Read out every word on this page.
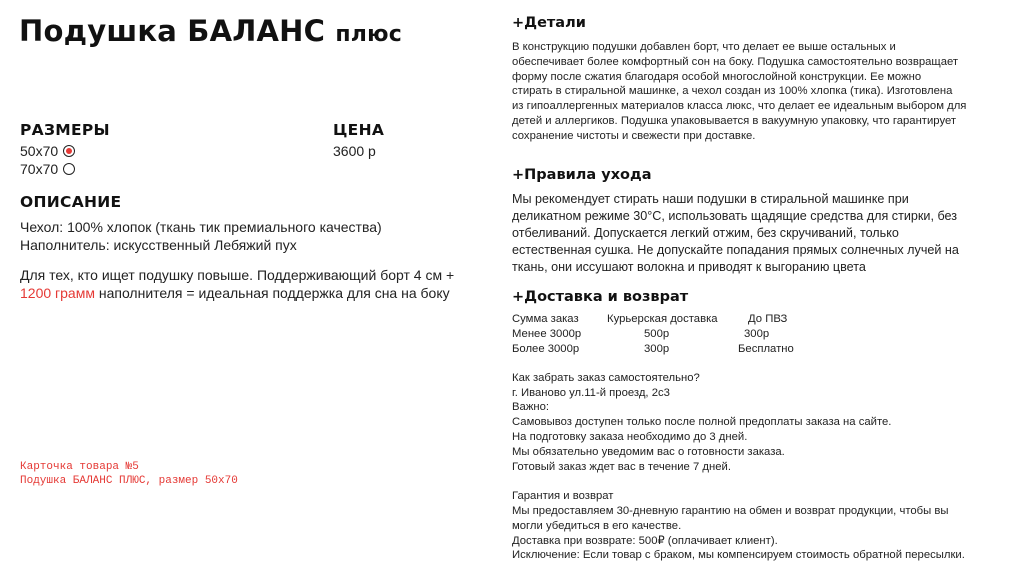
Подушка БАЛАНС плюс
РАЗМЕРЫ
50х70
70х70
ЦЕНА
3600 р
ОПИСАНИЕ
Чехол: 100% хлопок (ткань тик премиального качества)
Наполнитель: искусственный Лебяжий пух
Для тех, кто ищет подушку повыше. Поддерживающий борт 4 см + 1200 грамм наполнителя = идеальная поддержка для сна на боку
Карточка товара №5
Подушка БАЛАНС ПЛЮС, размер 50х70
+Детали
В конструкцию подушки добавлен борт, что делает ее выше остальных и
обеспечивает более комфортный сон на боку. Подушка самостоятельно возвращает
форму после сжатия благодаря особой многослойной конструкции. Ее можно
стирать в стиральной машинке, а чехол создан из 100% хлопка (тика). Изготовлена
из гипоаллергенных материалов класса люкс, что делает ее идеальным выбором для
детей и аллергиков. Подушка упаковывается в вакуумную упаковку, что гарантирует
сохранение чистоты и свежести при доставке.
+Правила ухода
Мы рекомендует стирать наши подушки в стиральной машинке при
деликатном режиме 30°C, использовать щадящие средства для стирки, без
отбеливаний. Допускается легкий отжим, без скручиваний, только
естественная сушка. Не допускайте попадания прямых солнечных лучей на
ткань, они иссушают волокна и приводят к выгоранию цвета
+Доставка и возврат
Сумма заказ	Курьерская доставка	До ПВЗ
Менее 3000р	500р	300р
Более 3000р	300р	Бесплатно
Как забрать заказ самостоятельно?
г. Иваново ул.11-й проезд, 2с3
Важно:
Самовывоз доступен только после полной предоплаты заказа на сайте.
На подготовку заказа необходимо до 3 дней.
Мы обязательно уведомим вас о готовности заказа.
Готовый заказ ждет вас в течение 7 дней.
Гарантия и возврат
Мы предоставляем 30-дневную гарантию на обмен и возврат продукции, чтобы вы
могли убедиться в его качестве.
Доставка при возврате: 500₽ (оплачивает клиент).
Исключение: Если товар с браком, мы компенсируем стоимость обратной пересылки.
